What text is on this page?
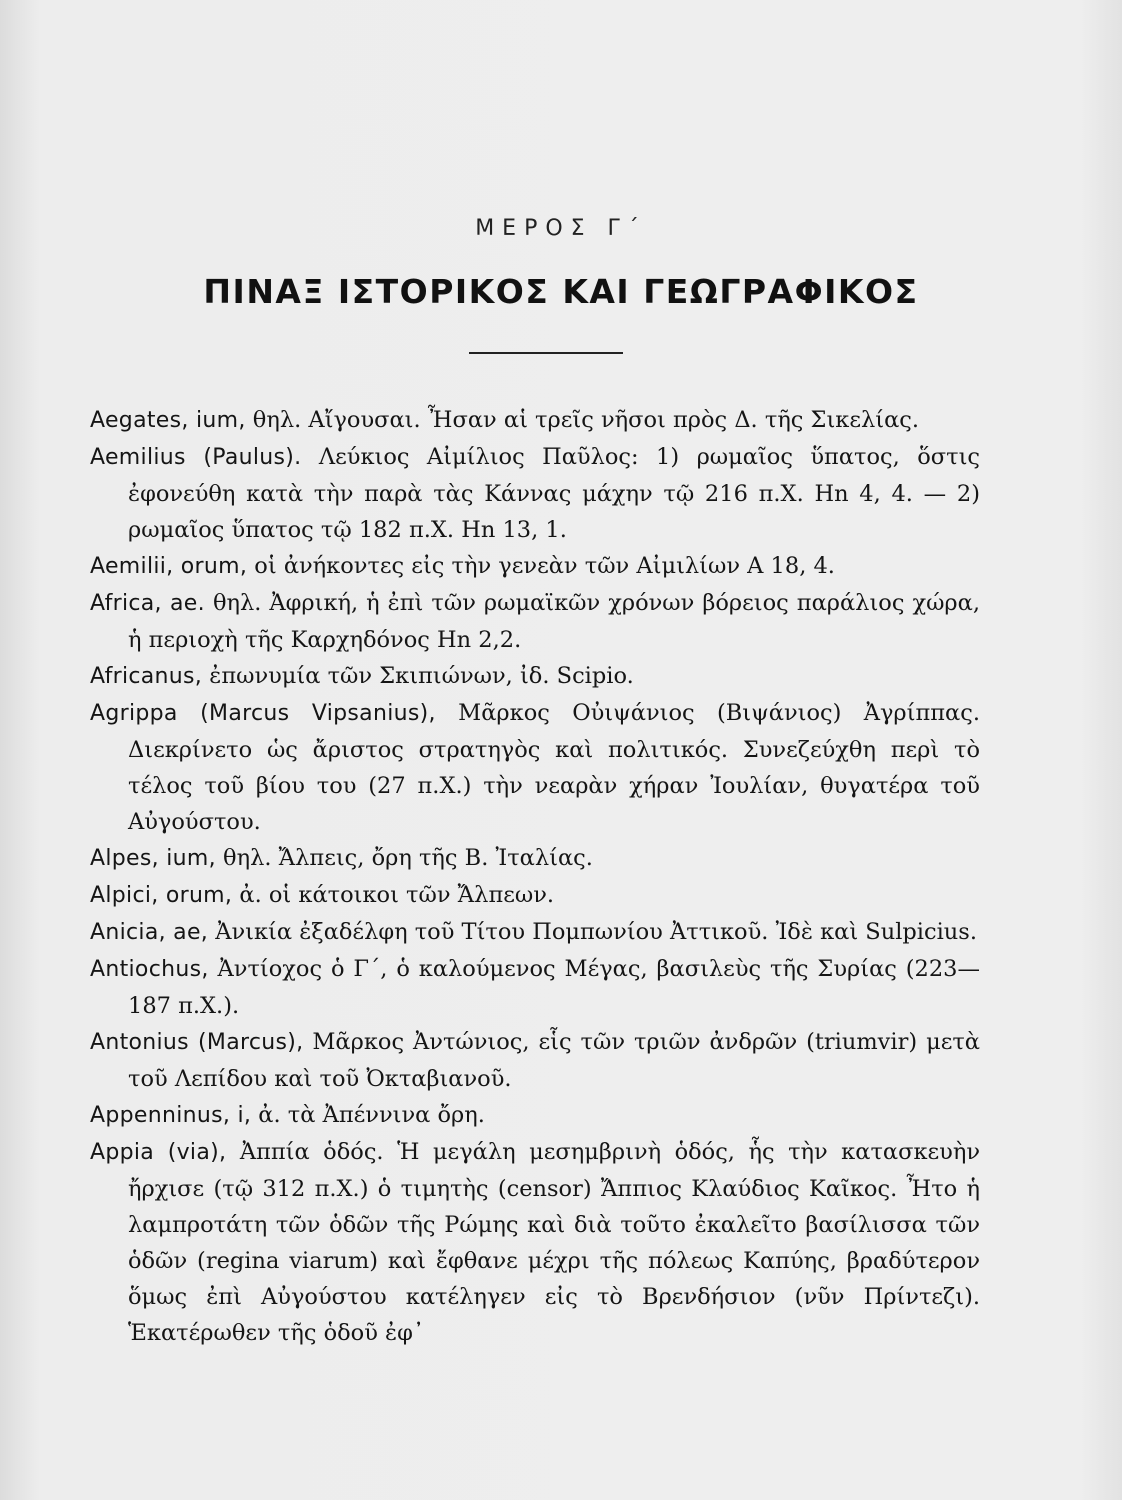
ΜΕΡΟΣ Γ΄
ΠΙΝΑΞ ΙΣΤΟΡΙΚΟΣ ΚΑΙ ΓΕΩΓΡΑΦΙΚΟΣ

Aegates, ium, θηλ. Αἴγουσαι. Ἦσαν αἱ τρεῖς νῆσοι πρὸς Δ. τῆς Σικελίας.

Aemilius (Paulus). Λεύκιος Αἰμίλιος Παῦλος: 1) ρωμαῖος ὕπατος, ὅστις ἐφονεύθη κατὰ τὴν παρὰ τὰς Κάννας μάχην τῷ 216 π.Χ. Hn 4, 4. — 2) ρωμαῖος ὕπατος τῷ 182 π.Χ. Hn 13, 1.

Aemilii, orum, οἱ ἀνήκοντες εἰς τὴν γενεὰν τῶν Αἰμιλίων A 18, 4.

Africa, ae. θηλ. Ἀφρική, ἡ ἐπὶ τῶν ρωμαϊκῶν χρόνων βόρειος παράλιος χώρα, ἡ περιοχὴ τῆς Καρχηδόνος Hn 2,2.

Africanus, ἐπωνυμία τῶν Σκιπιώνων, ἰδ. Scipio.

Agrippa (Marcus Vipsanius), Μᾶρκος Οὐιψάνιος (Βιψάνιος) Ἀγρίππας. Διεκρίνετο ὡς ἄριστος στρατηγὸς καὶ πολιτικός. Συνεζεύχθη περὶ τὸ τέλος τοῦ βίου του (27 π.Χ.) τὴν νεαρὰν χήραν Ἰουλίαν, θυγατέρα τοῦ Αὐγούστου.

Alpes, ium, θηλ. Ἄλπεις, ὄρη τῆς Β. Ἰταλίας.

Alpici, orum, ἀ. οἱ κάτοικοι τῶν Ἄλπεων.

Anicia, ae, Ἀνικία ἐξαδέλφη τοῦ Τίτου Πομπωνίου Ἀττικοῦ. Ἰδὲ καὶ Sulpicius.

Antiochus, Ἀντίοχος ὁ Γ΄, ὁ καλούμενος Μέγας, βασιλεὺς τῆς Συρίας (223—187 π.Χ.).

Antonius (Marcus), Μᾶρκος Ἀντώνιος, εἷς τῶν τριῶν ἀνδρῶν (triumvir) μετὰ τοῦ Λεπίδου καὶ τοῦ Ὀκταβιανοῦ.

Appenninus, i, ἀ. τὰ Ἀπέννινα ὄρη.

Appia (via), Ἀππία ὁδός. Ἡ μεγάλη μεσημβρινὴ ὁδός, ἧς τὴν κατασκευὴν ἤρχισε (τῷ 312 π.Χ.) ὁ τιμητὴς (censor) Ἄππιος Κλαύδιος Καῖκος. Ἦτο ἡ λαμπροτάτη τῶν ὁδῶν τῆς Ρώμης καὶ διὰ τοῦτο ἐκαλεῖτο βασίλισσα τῶν ὁδῶν (regina viarum) καὶ ἔφθανε μέχρι τῆς πόλεως Καπύης, βραδύτερον ὅμως ἐπὶ Αὐγούστου κατέληγεν εἰς τὸ Βρενδήσιον (νῦν Πρίντεζι). Ἑκατέρωθεν τῆς ὁδοῦ ἐφ᾽
